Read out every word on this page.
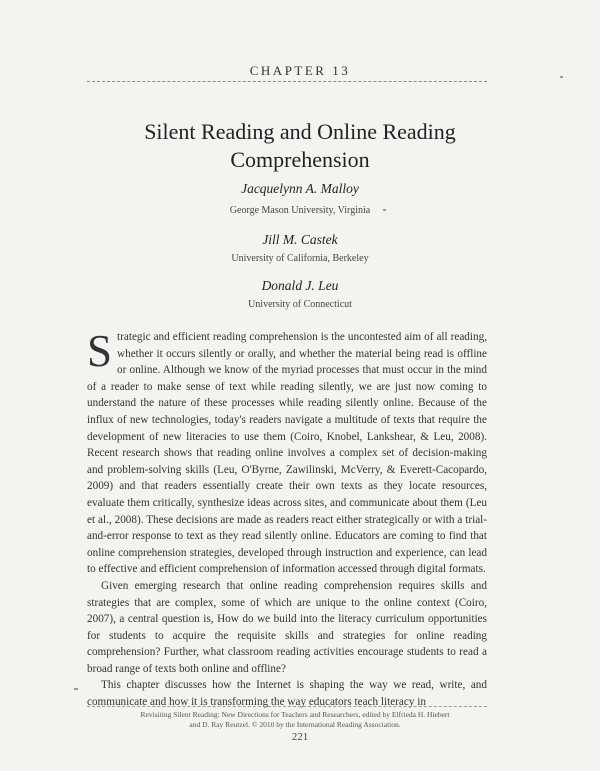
CHAPTER 13
Silent Reading and Online Reading
Comprehension
Jacquelynn A. Malloy
George Mason University, Virginia
Jill M. Castek
University of California, Berkeley
Donald J. Leu
University of Connecticut

Strategic and efficient reading comprehension is the uncontested aim of all reading, whether it occurs silently or orally, and whether the material being read is offline or online. Although we know of the myriad processes that must occur in the mind of a reader to make sense of text while reading silently, we are just now coming to understand the nature of these processes while reading silently online. Because of the influx of new technologies, today's readers navigate a multitude of texts that require the development of new literacies to use them (Coiro, Knobel, Lankshear, & Leu, 2008). Recent research shows that reading online involves a complex set of decision-making and problem-solving skills (Leu, O'Byrne, Zawilinski, McVerry, & Everett-Cacopardo, 2009) and that readers essentially create their own texts as they locate resources, evaluate them critically, synthesize ideas across sites, and communicate about them (Leu et al., 2008). These decisions are made as readers react either strategically or with a trial-and-error response to text as they read silently online. Educators are coming to find that online comprehension strategies, developed through instruction and experience, can lead to effective and efficient comprehension of information accessed through digital formats.

Given emerging research that online reading comprehension requires skills and strategies that are complex, some of which are unique to the online context (Coiro, 2007), a central question is, How do we build into the literacy curriculum opportunities for students to acquire the requisite skills and strategies for online reading comprehension? Further, what classroom reading activities encourage students to read a broad range of texts both online and offline?

This chapter discusses how the Internet is shaping the way we read, write, and communicate and how it is transforming the way educators teach literacy in

Revisiting Silent Reading: New Directions for Teachers and Researchers, edited by Elfrieda H. Hiebert
and D. Ray Reutzel. © 2010 by the International Reading Association.
221
